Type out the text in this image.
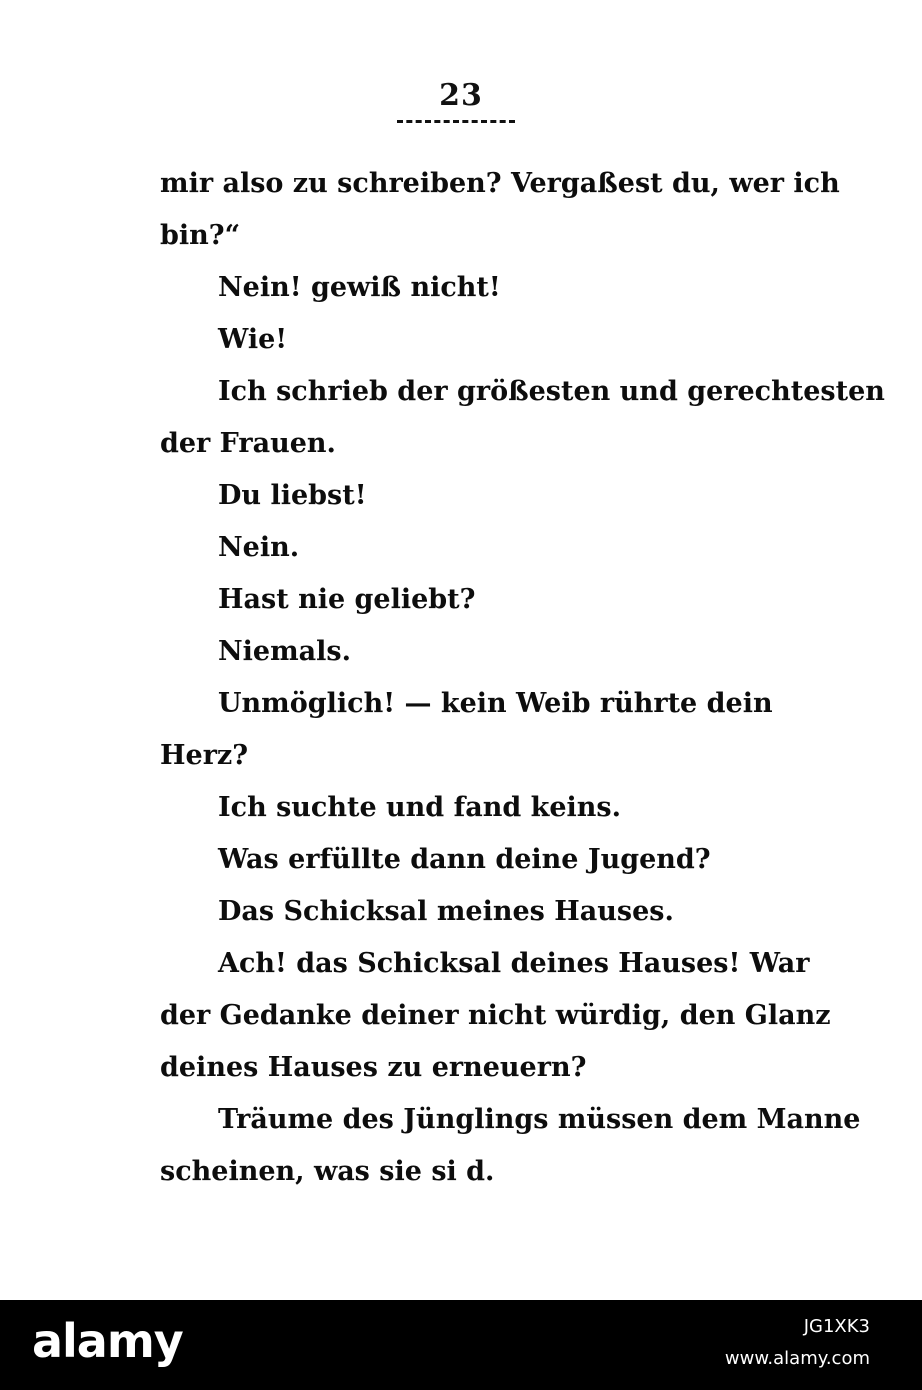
23
mir also zu schreiben? Vergaßest du, wer ich
bin?“
Nein! gewiß nicht!
Wie!
Ich schrieb der größesten und gerechtesten
der Frauen.
Du liebst!
Nein.
Hast nie geliebt?
Niemals.
Unmöglich! — kein Weib rührte dein
Herz?
Ich suchte und fand keins.
Was erfüllte dann deine Jugend?
Das Schicksal meines Hauses.
Ach! das Schicksal deines Hauses! War
der Gedanke deiner nicht würdig, den Glanz
deines Hauses zu erneuern?
Träume des Jünglings müssen dem Manne
scheinen, was sie si d.
alamy	JG1XK3
www.alamy.com
